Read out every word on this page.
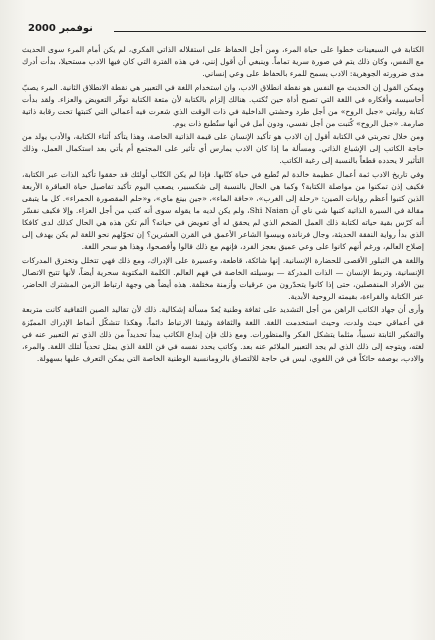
نوفمبر 2000

الكتابة في السبعينات خطوا على حياة المرء، ومن أجل الحفاظ على استقلاله الذاتي الفكري، لم يكن أمام المرء سوى الحديث مع النفس، وكان ذلك يتم في صورة سرية تماماً. وينبغي أن أقول إنني، في هذه الفترة التي كان فيها الادب مستحيلا، بدأت أدرك مدى ضرورته الجوهرية: الادب يسمح للمرء بالحفاظ على وعي إنساني.

ويمكن القول إن الحديث مع النفس هو نقطة انطلاق الادب، وان استخدام اللغة في التعبير هي نقطة الانطلاق الثانية. المرء يصبّ أحاسيسه وأفكاره في اللغة التي تصبح أداة حين تُكتب. هنالك إلزام بالكتابة لأن متعة الكتابة توفّر التعويض والعزاء. ولقد بدأت كتابة روايتي «جبل الروح» من أجل طرد وحشتي الداخلية في ذات الوقت الذي شعرت فيه أعمالي التي كتبتها تحت رقابة ذاتية صارمة. «جبل الروح» كُتبت من أجل نفسي، ودون أمل في أنها ستُطبع ذات يوم.

ومن خلال تجربتي في الكتابة أقول إن الادب هو تأكيد الإنسان على قيمة الذاتية الخاصة، وهذا يتأكد أثناء الكتابة، والأدب يولد من حاجة الكاتب إلى الإشباع الذاتي. ومسألة ما إذا كان الادب يمارس أي تأثير على المجتمع أم يأتي بعد استكمال العمل، وذلك التأثير لا يحدده قطعاً بالنسبة إلى رغبة الكاتب.

وفي تاريخ الادب ثمة أعمال عظيمة خالدة لم تُطبع في حياة كتّابها. فإذا لم يكن الكتّاب أولئك قد حققوا تأكيد الذات عبر الكتابة، فكيف إذن تمكنوا من مواصلة الكتابة؟ وكما هي الحال بالنسبة إلى شكسبير، يصعب اليوم تأكيد تفاصيل حياة العباقرة الأربعة الذين كتبوا أعظم روايات الصين: «رحلة إلى الغرب»، «حافة الماء»، «جين بينغ ماي»، و«حلم المقصورة الحمراء». كل ما يتبقى مقالة في السيرة الذاتية كتبها شي ناي آن Shi Naian، ولم يكن لديه ما يقوله سوى أنه كتب من أجل العزاء. وإلا فكيف نفسّر أنه كرّس بقية حياته لكتابة ذلك العمل الضخم الذي لم يحقق له أي تعويض في حياته؟ ألم تكن هذه هي الحال كذلك لدى كافكا الذي بدأ رواية النفقة الحديثة، وجال فرنانده وبيسوا الشاعر الأعمق في القرن العشرين؟ إن تحوّلهم نحو اللغة لم يكن يهدف إلى إصلاح العالم، ورغم أنهم كانوا على وعي عميق بعجز الفرد، فإنهم مع ذلك قالوا وأفصحوا، وهذا هو سحر اللغة.

واللغة هي التبلور الأقصى للحضارة الإنسانية. إنها شائكة، قاطعة، وعسيرة على الإدراك، ومع ذلك فهي تتخلل وتخترق المدركات الإنسانية، وتربط الإنسان — الذات المدركة — بوسيلته الخاصة في فهم العالم. الكلمة المكتوبة سحرية أيضاً، لأنها تتيح الاتصال بين الأفراد المنفصلين، حتى إذا كانوا يتحدّرون من عرقيات وأزمنة مختلفة. هذه أيضاً هي وجهة ارتباط الزمن المشترك الحاضر، عبر الكتابة والقراءة، بقيمته الروحية الأبدية.

وأرى أن جهاد الكاتب الراهن من أجل التشديد على ثقافة وطنية يُعدّ مسألة إشكالية. ذلك لأن تقاليد الصين الثقافية كانت متربعة في أعماقي حيث ولدت، وحيث استخدمت اللغة. اللغة والثقافة وثيقتا الارتباط دائماً، وهكذا تتشكّل أنماط الإدراك المميّزة والتفكير الثابتة نسبياً، مثلما يتشكل الفكر والمنظورات. ومع ذلك فإن إبداع الكاتب يبدأ تحديداً من ذلك الذي تم التعبير عنه في لغته، ويتوجه إلى ذلك الذي لم يجد التعبير الملائم عنه بعد. وكاتب يحدد نفسه في فن اللغة الذي يمثل تحدياً لتلك اللغة. والمرء، والادب، بوصفه حائكاً في فن اللغوي، ليس في حاجة للالتصاق بالرومانسية الوطنية الخاصة التي يمكن التعرف عليها بسهولة.
